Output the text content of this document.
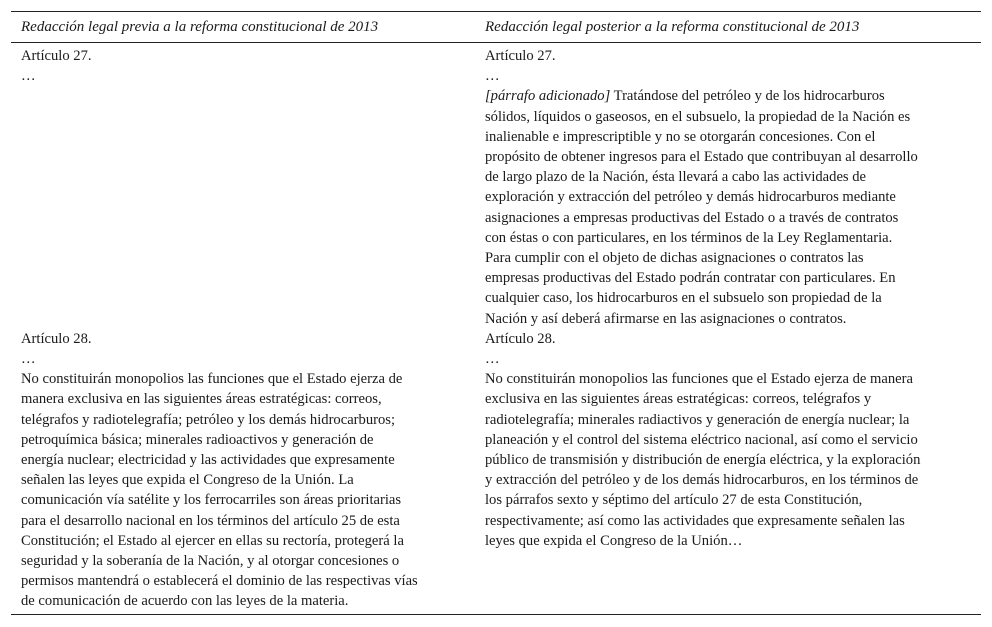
Redacción legal previa a la reforma constitucional de 2013	Redacción legal posterior a la reforma constitucional de 2013
Artículo 27.
…
Artículo 27.
…
[párrafo adicionado] Tratándose del petróleo y de los hidrocarburos
sólidos, líquidos o gaseosos, en el subsuelo, la propiedad de la Nación es
inalienable e imprescriptible y no se otorgarán concesiones. Con el
propósito de obtener ingresos para el Estado que contribuyan al desarrollo
de largo plazo de la Nación, ésta llevará a cabo las actividades de
exploración y extracción del petróleo y demás hidrocarburos mediante
asignaciones a empresas productivas del Estado o a través de contratos
con éstas o con particulares, en los términos de la Ley Reglamentaria.
Para cumplir con el objeto de dichas asignaciones o contratos las
empresas productivas del Estado podrán contratar con particulares. En
cualquier caso, los hidrocarburos en el subsuelo son propiedad de la
Nación y así deberá afirmarse en las asignaciones o contratos.
Artículo 28.
…
No constituirán monopolios las funciones que el Estado ejerza de
manera exclusiva en las siguientes áreas estratégicas: correos,
telégrafos y radiotelegrafía; petróleo y los demás hidrocarburos;
petroquímica básica; minerales radioactivos y generación de
energía nuclear; electricidad y las actividades que expresamente
señalen las leyes que expida el Congreso de la Unión. La
comunicación vía satélite y los ferrocarriles son áreas prioritarias
para el desarrollo nacional en los términos del artículo 25 de esta
Constitución; el Estado al ejercer en ellas su rectoría, protegerá la
seguridad y la soberanía de la Nación, y al otorgar concesiones o
permisos mantendrá o establecerá el dominio de las respectivas vías
de comunicación de acuerdo con las leyes de la materia.
Artículo 28.
…
No constituirán monopolios las funciones que el Estado ejerza de manera
exclusiva en las siguientes áreas estratégicas: correos, telégrafos y
radiotelegrafía; minerales radiactivos y generación de energía nuclear; la
planeación y el control del sistema eléctrico nacional, así como el servicio
público de transmisión y distribución de energía eléctrica, y la exploración
y extracción del petróleo y de los demás hidrocarburos, en los términos de
los párrafos sexto y séptimo del artículo 27 de esta Constitución,
respectivamente; así como las actividades que expresamente señalen las
leyes que expida el Congreso de la Unión…
